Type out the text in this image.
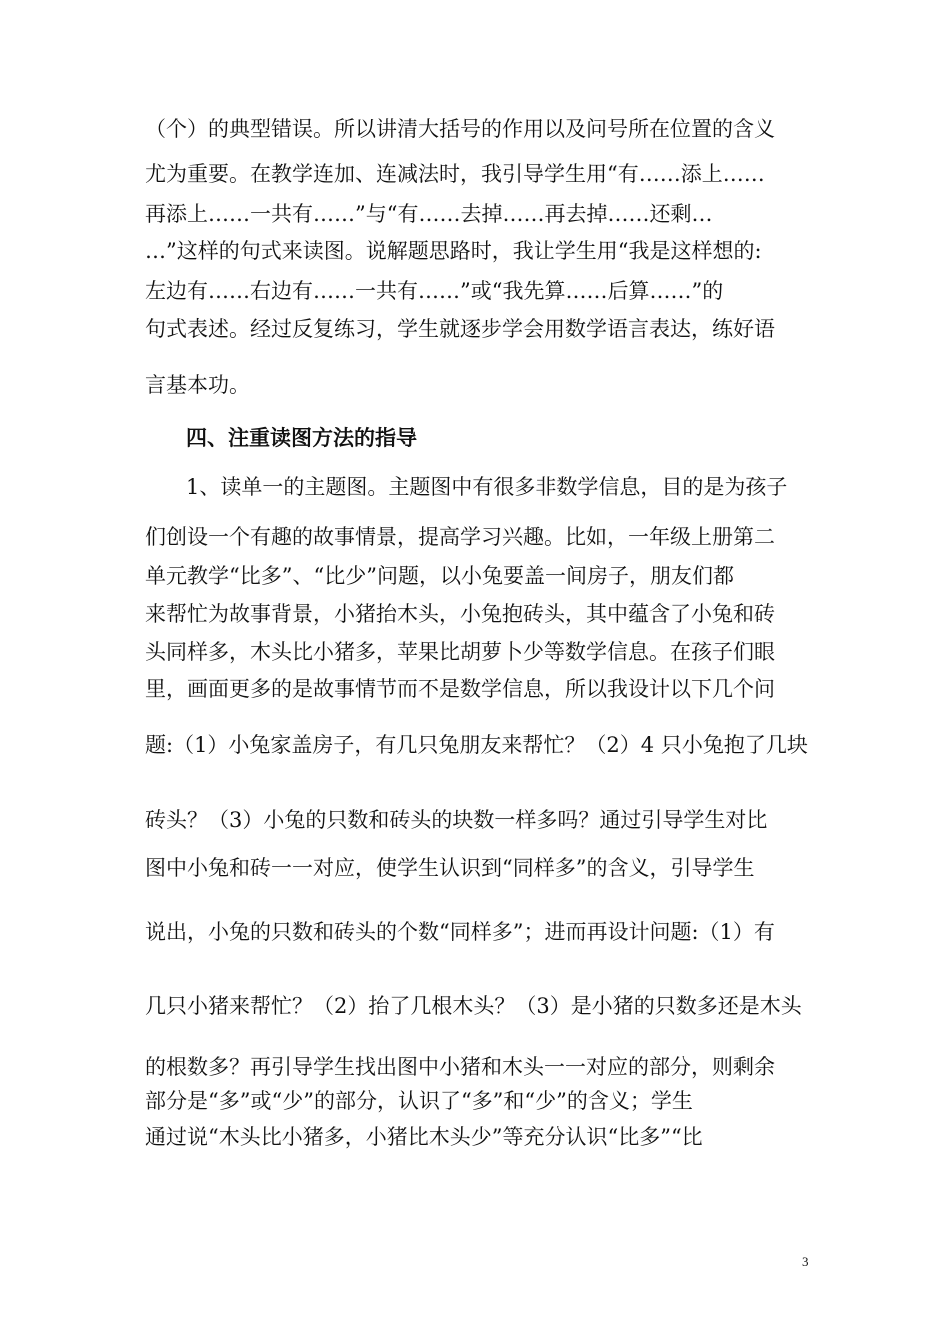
（个）的典型错误。所以讲清大括号的作用以及问号所在位置的含义
尤为重要。在教学连加、连减法时，我引导学生用“有……添上……
再添上……一共有……”与“有……去掉……再去掉……还剩…
…”这样的句式来读图。说解题思路时，我让学生用“我是这样想的:
左边有……右边有……一共有……”或“我先算……后算……”的
句式表述。经过反复练习，学生就逐步学会用数学语言表达，练好语
言基本功。
四、注重读图方法的指导
1、读单一的主题图。主题图中有很多非数学信息，目的是为孩子
们创设一个有趣的故事情景，提高学习兴趣。比如，一年级上册第二
单元教学“比多”、“比少”问题，以小兔要盖一间房子，朋友们都
来帮忙为故事背景，小猪抬木头，小兔抱砖头，其中蕴含了小兔和砖
头同样多，木头比小猪多，苹果比胡萝卜少等数学信息。在孩子们眼
里，画面更多的是故事情节而不是数学信息，所以我设计以下几个问
题:（1）小兔家盖房子，有几只兔朋友来帮忙？（2）4 只小兔抱了几块
砖头？（3）小兔的只数和砖头的块数一样多吗？通过引导学生对比
图中小兔和砖一一对应，使学生认识到“同样多”的含义，引导学生
说出，小兔的只数和砖头的个数“同样多”；进而再设计问题:（1）有
几只小猪来帮忙？（2）抬了几根木头？（3）是小猪的只数多还是木头
的根数多？再引导学生找出图中小猪和木头一一对应的部分，则剩余
部分是“多”或“少”的部分，认识了“多”和“少”的含义；学生
通过说“木头比小猪多，小猪比木头少”等充分认识“比多”“比
3
